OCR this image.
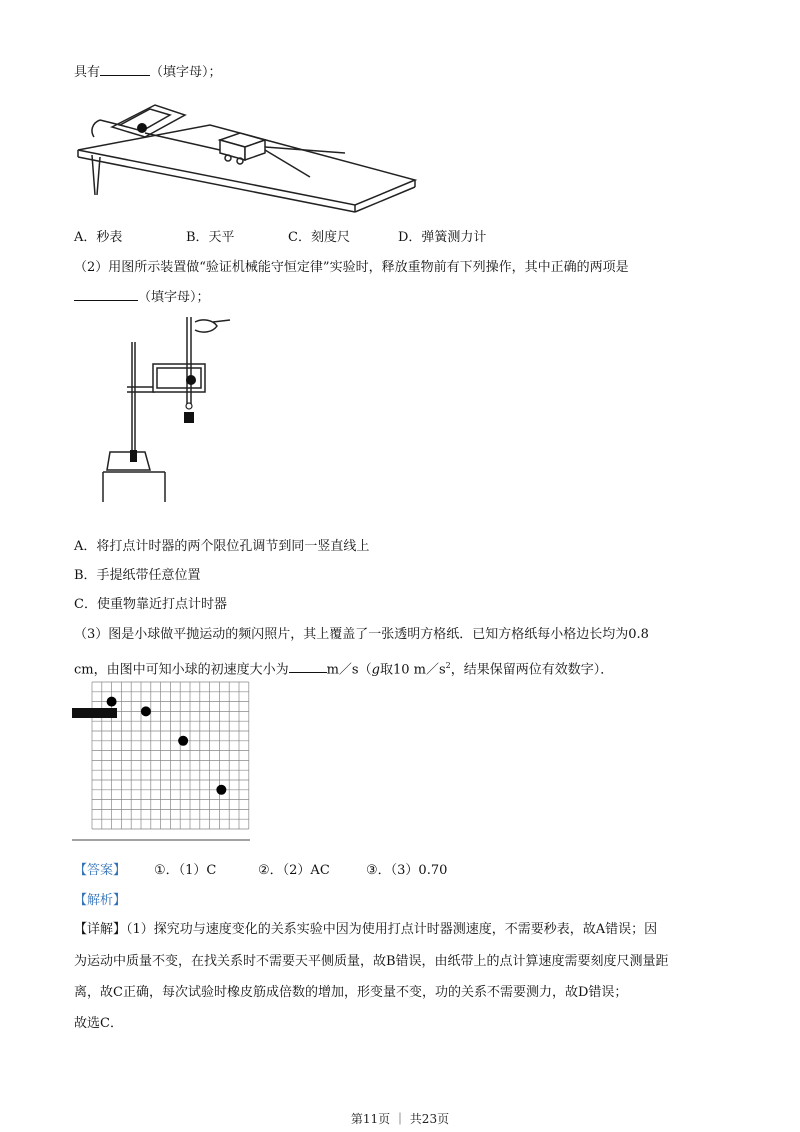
具有	（填字母）；
A．秒表	B．天平	C．刻度尺	D．弹簧测力计
（2）用图所示装置做“验证机械能守恒定律”实验时，释放重物前有下列操作，其中正确的两项是
（填字母）；
A．将打点计时器的两个限位孔调节到同一竖直线上
B．手提纸带任意位置
C．使重物靠近打点计时器
（3）图是小球做平抛运动的频闪照片，其上覆盖了一张透明方格纸．已知方格纸每小格边长均为0.8
cm，由图中可知小球的初速度大小为	m／s（g取10 $m/s^2$，结果保留两位有效数字）．
【答案】 ①．（1）C	②．（2）AC	③．（3）0.70
【解析】
【详解】（1）探究功与速度变化的关系实验中因为使用打点计时器测速度，不需要秒表，故A错误；因
为运动中质量不变，在找关系时不需要天平侧质量，故B错误，由纸带上的点计算速度需要刻度尺测量距
离，故C正确，每次试验时橡皮筋成倍数的增加，形变量不变，功的关系不需要测力，故D错误；
故选C．
第11页 ｜ 共23页
